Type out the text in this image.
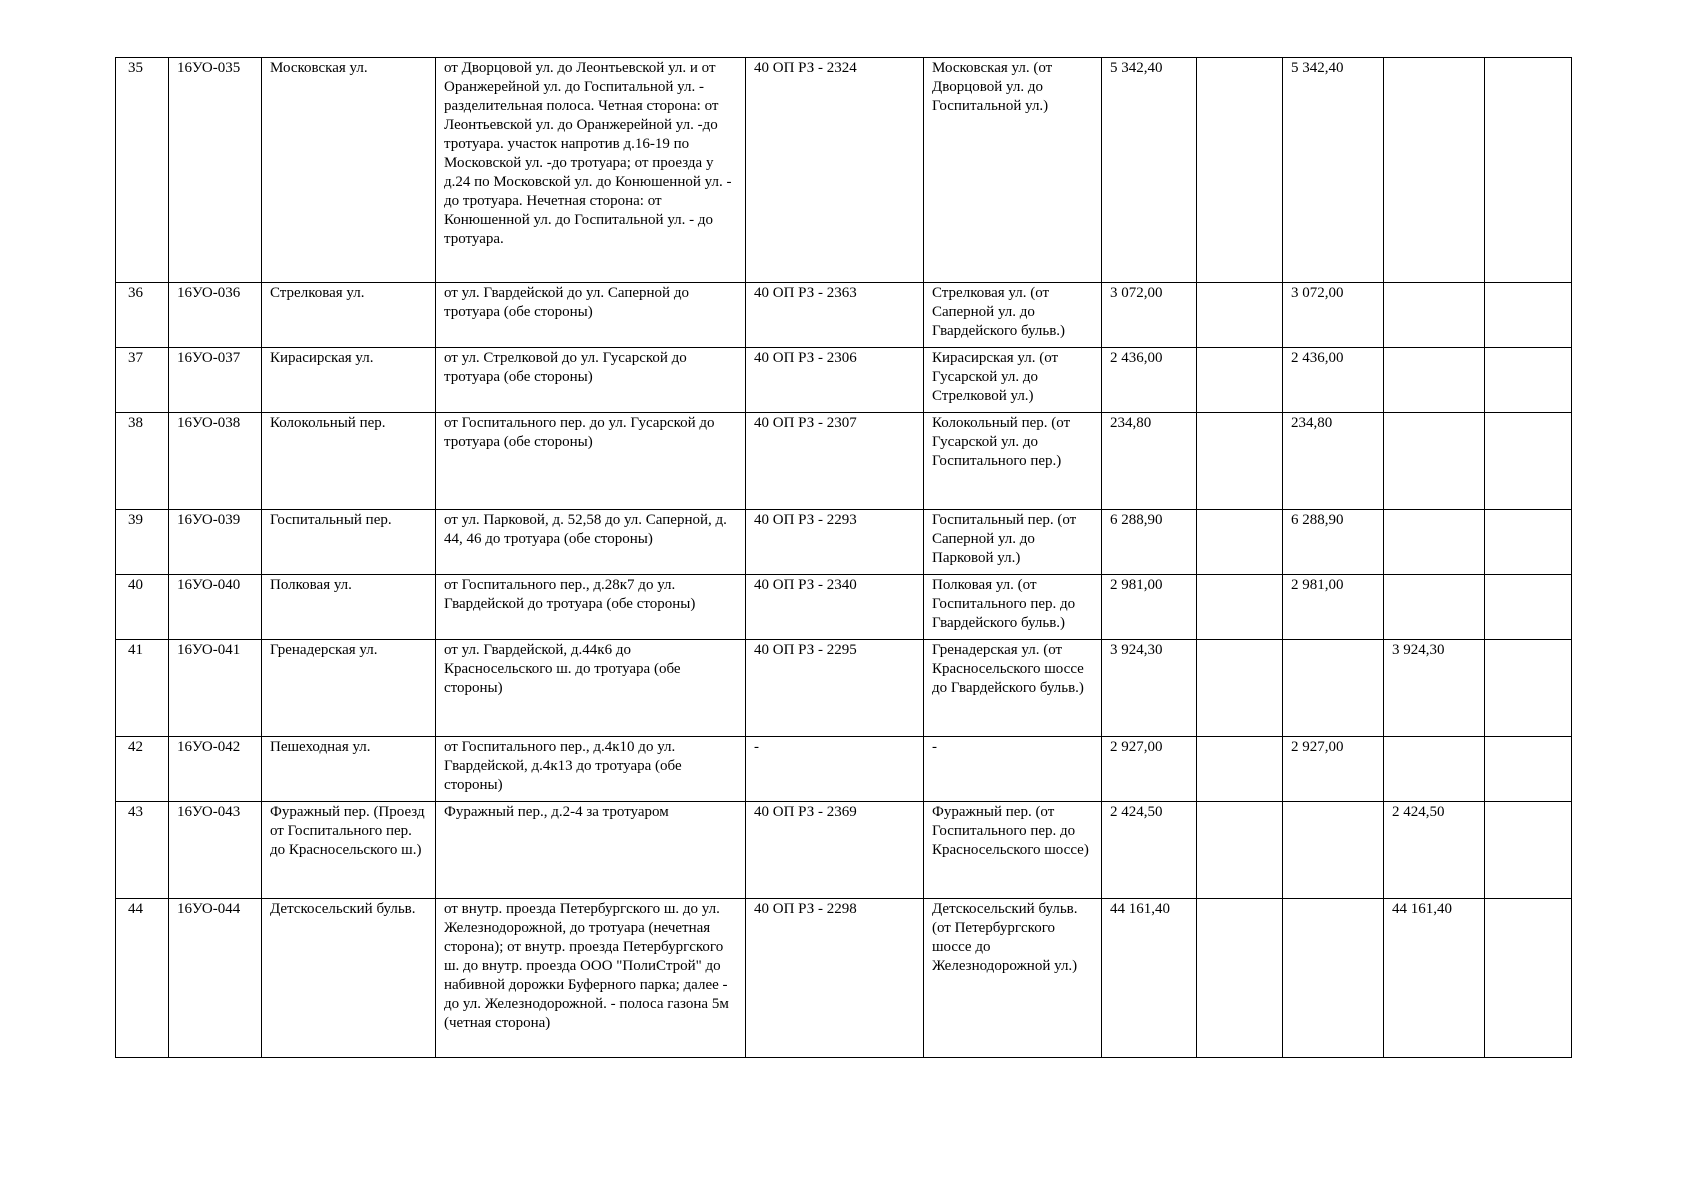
35	16УО-035	Московская ул.	от Дворцовой ул. до Леонтьевской ул. и от Оранжерейной ул. до Госпитальной ул. - разделительная полоса. Четная сторона: от Леонтьевской ул. до Оранжерейной ул. -до тротуара. участок напротив д.16-19 по Московской ул. -до тротуара; от проезда у д.24 по Московской ул. до Конюшенной ул. - до тротуара. Нечетная сторона: от Конюшенной ул. до Госпитальной ул. - до тротуара.	40 ОП РЗ - 2324	Московская ул. (от Дворцовой ул. до Госпитальной ул.)	5 342,40		5 342,40		
36	16УО-036	Стрелковая ул.	от ул. Гвардейской до ул. Саперной до тротуара (обе стороны)	40 ОП РЗ - 2363	Стрелковая ул. (от Саперной ул. до Гвардейского бульв.)	3 072,00		3 072,00		
37	16УО-037	Кирасирская ул.	от ул. Стрелковой до ул. Гусарской до тротуара (обе стороны)	40 ОП РЗ - 2306	Кирасирская ул. (от Гусарской ул. до Стрелковой ул.)	2 436,00		2 436,00		
38	16УО-038	Колокольный пер.	от Госпитального пер. до ул. Гусарской до тротуара (обе стороны)	40 ОП РЗ - 2307	Колокольный пер. (от Гусарской ул. до Госпитального пер.)	234,80		234,80		
39	16УО-039	Госпитальный пер.	от ул. Парковой, д. 52,58 до ул. Саперной, д. 44, 46 до тротуара (обе стороны)	40 ОП РЗ - 2293	Госпитальный пер. (от Саперной ул. до Парковой ул.)	6 288,90		6 288,90		
40	16УО-040	Полковая ул.	от Госпитального пер., д.28к7 до ул. Гвардейской до тротуара (обе стороны)	40 ОП РЗ - 2340	Полковая ул. (от Госпитального пер. до Гвардейского бульв.)	2 981,00		2 981,00		
41	16УО-041	Гренадерская ул.	от ул. Гвардейской, д.44к6 до Красносельского ш. до тротуара (обе стороны)	40 ОП РЗ - 2295	Гренадерская ул. (от Красносельского шоссе до Гвардейского бульв.)	3 924,30			3 924,30	
42	16УО-042	Пешеходная ул.	от Госпитального пер., д.4к10 до ул. Гвардейской, д.4к13 до тротуара (обе стороны)	-	-	2 927,00		2 927,00		
43	16УО-043	Фуражный пер. (Проезд от Госпитального пер. до Красносельского ш.)	Фуражный пер., д.2-4 за тротуаром	40 ОП РЗ - 2369	Фуражный пер. (от Госпитального пер. до Красносельского шоссе)	2 424,50			2 424,50	
44	16УО-044	Детскосельский бульв.	от внутр. проезда Петербургского ш. до ул. Железнодорожной, до тротуара (нечетная сторона); от внутр. проезда Петербургского ш. до внутр. проезда ООО "ПолиСтрой" до набивной дорожки Буферного парка; далее - до ул. Железнодорожной. - полоса газона 5м (четная сторона)	40 ОП РЗ - 2298	Детскосельский бульв. (от Петербургского шоссе до Железнодорожной ул.)	44 161,40			44 161,40	
